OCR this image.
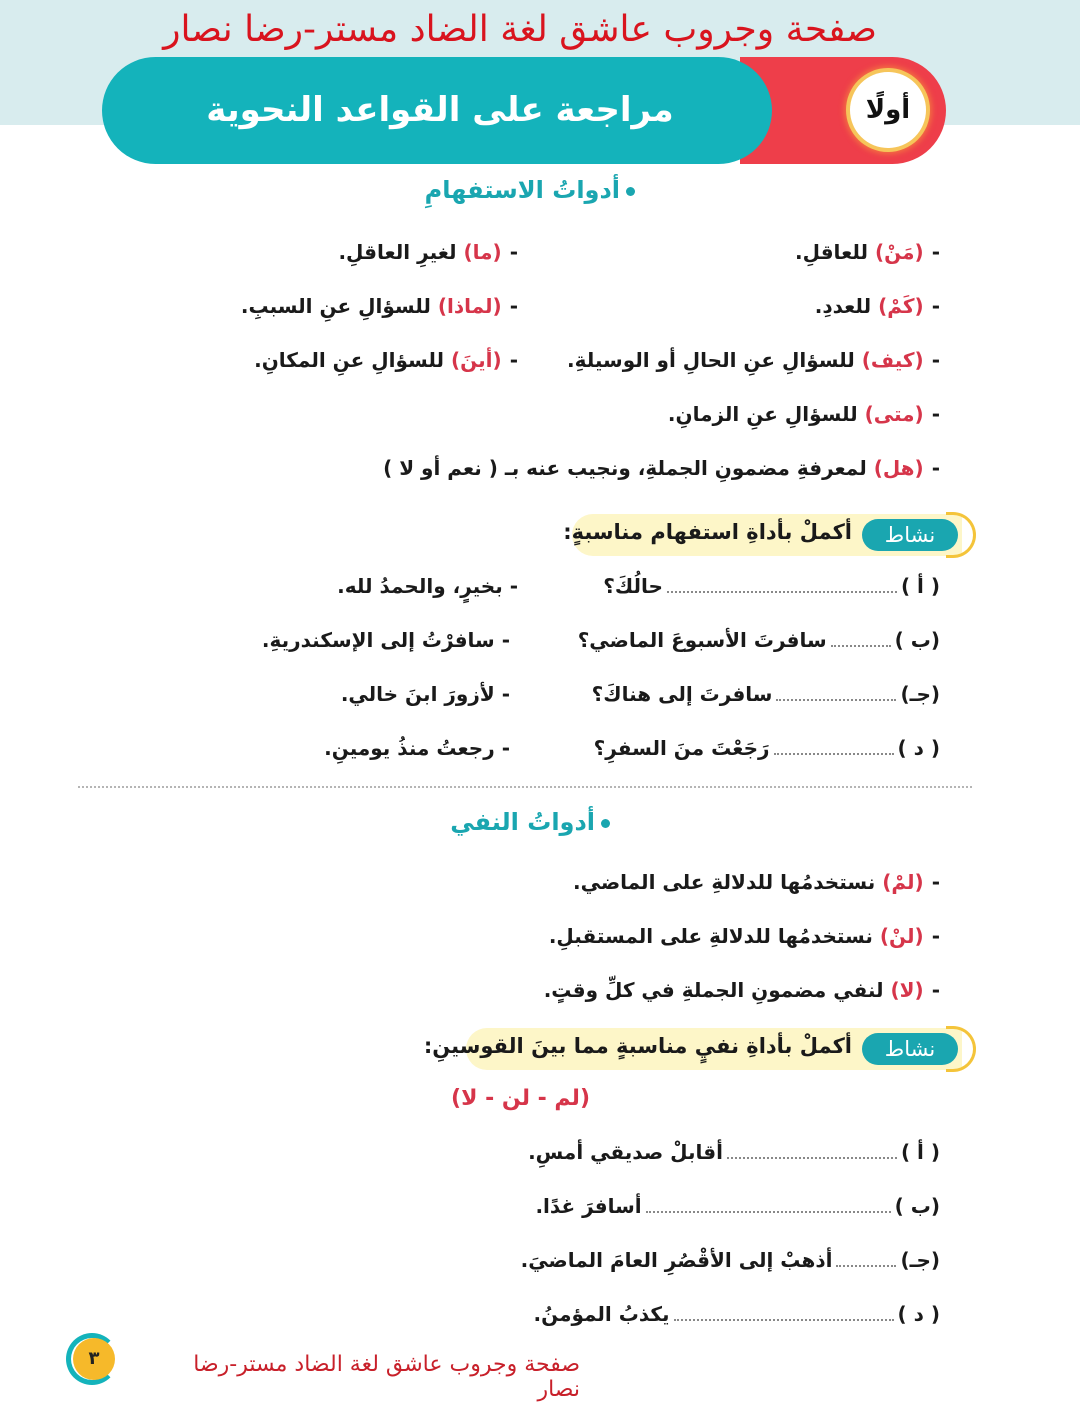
صفحة وجروب عاشق لغة الضاد مستر-رضا نصار
مراجعة على القواعد النحوية	أولًا
أدواتُ الاستفهامِ
-(مَنْ) للعاقلِ.
-(ما) لغيرِ العاقلِ.
-(كَمْ) للعددِ.
-(لماذا) للسؤالِ عنِ السببِ.
-(كيف) للسؤالِ عنِ الحالِ أو الوسيلةِ.
-(أينَ) للسؤالِ عنِ المكانِ.
-(متى) للسؤالِ عنِ الزمانِ.
-(هل) لمعرفةِ مضمونِ الجملةِ، ونجيب عنه بـ ( نعم أو لا )
نشاط
أكملْ بأداةِ استفهام مناسبةٍ:
( أ )حالُكَ؟
- بخيرٍ، والحمدُ لله.
(ب )سافرتَ الأسبوعَ الماضي؟
- سافرْتُ إلى الإسكندريةِ.
(جـ)سافرتَ إلى هناكَ؟
- لأزورَ ابنَ خالي.
( د )رَجَعْتَ منَ السفرِ؟
- رجعتُ منذُ يومينِ.
أدواتُ النفي
-(لمْ) نستخدمُها للدلالةِ على الماضي.
-(لنْ) نستخدمُها للدلالةِ على المستقبلِ.
-(لا) لنفي مضمونِ الجملةِ في كلِّ وقتٍ.
نشاط
أكملْ بأداةِ نفيٍ مناسبةٍ مما بينَ القوسينِ:
(لم - لن - لا)
( أ )أقابلْ صديقي أمسِ.
(ب )أسافرَ غدًا.
(جـ)أذهبْ إلى الأقْصُرِ العامَ الماضيَ.
( د )يكذبُ المؤمنُ.
٣	صفحة وجروب عاشق لغة الضاد مستر-رضا نصار
